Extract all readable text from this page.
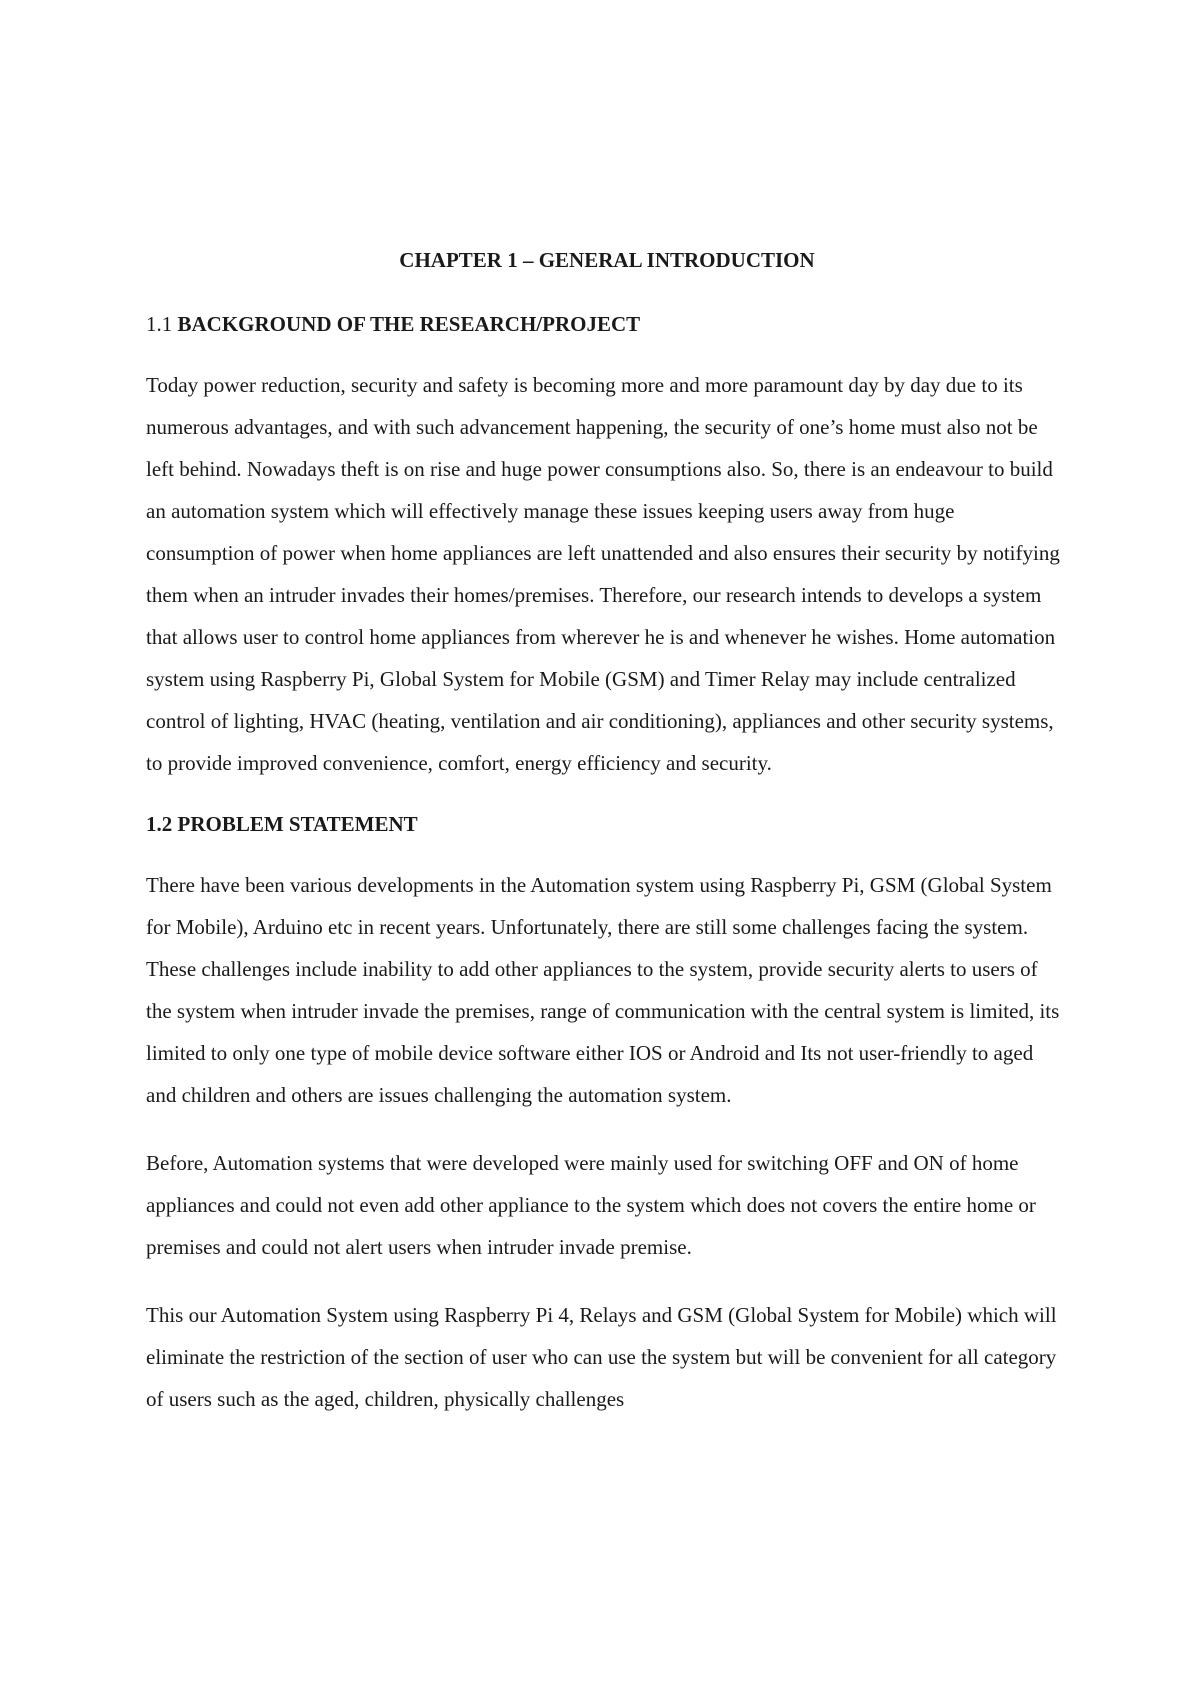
CHAPTER 1 – GENERAL INTRODUCTION
1.1 BACKGROUND OF THE RESEARCH/PROJECT

Today power reduction, security and safety is becoming more and more paramount day by day due to its numerous advantages, and with such advancement happening, the security of one’s home must also not be left behind. Nowadays theft is on rise and huge power consumptions also. So, there is an endeavour to build an automation system which will effectively manage these issues keeping users away from huge consumption of power when home appliances are left unattended and also ensures their security by notifying them when an intruder invades their homes/premises. Therefore, our research intends to develops a system that allows user to control home appliances from wherever he is and whenever he wishes. Home automation system using Raspberry Pi, Global System for Mobile (GSM) and Timer Relay may include centralized control of lighting, HVAC (heating, ventilation and air conditioning), appliances and other security systems, to provide improved convenience, comfort, energy efficiency and security.

1.2 PROBLEM STATEMENT

There have been various developments in the Automation system using Raspberry Pi, GSM (Global System for Mobile), Arduino etc in recent years. Unfortunately, there are still some challenges facing the system. These challenges include inability to add other appliances to the system, provide security alerts to users of the system when intruder invade the premises, range of communication with the central system is limited, its limited to only one type of mobile device software either IOS or Android and Its not user-friendly to aged and children and others are issues challenging the automation system.

Before, Automation systems that were developed were mainly used for switching OFF and ON of home appliances and could not even add other appliance to the system which does not covers the entire home or premises and could not alert users when intruder invade premise.

This our Automation System using Raspberry Pi 4, Relays and GSM (Global System for Mobile) which will eliminate the restriction of the section of user who can use the system but will be convenient for all category of users such as the aged, children, physically challenges
